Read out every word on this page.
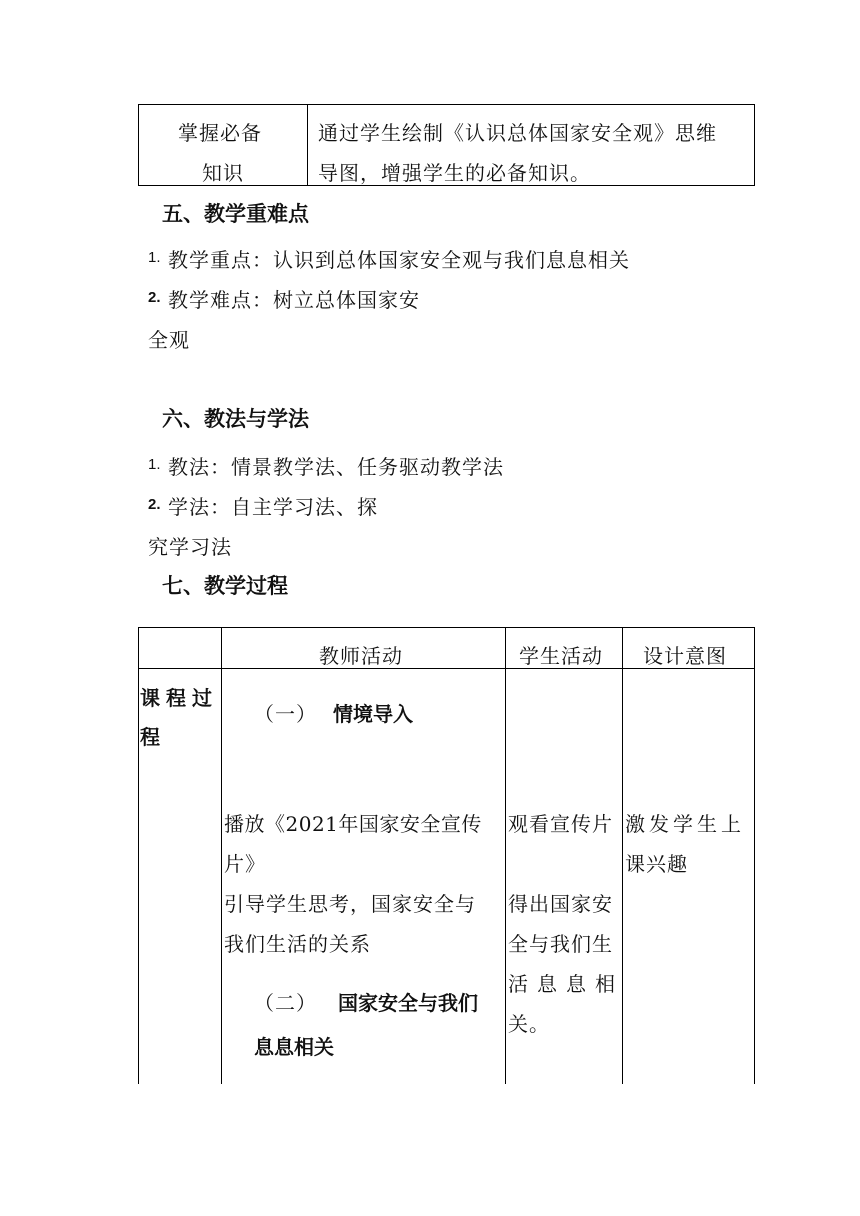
掌握必备
知识
通过学生绘制《认识总体国家安全观》思维
导图，增强学生的必备知识。
五、教学重难点
1. 教学重点：认识到总体国家安全观与我们息息相关
2. 教学难点：树立总体国家安
全观
六、教法与学法
1. 教法：情景教学法、任务驱动教学法
2. 学法：自主学习法、探
究学习法
七、教学过程
教师活动	学生活动 设计意图
课程过
程
（一） 情境导入
播放《2021年国家安全宣传
片》
引导学生思考，国家安全与
我们生活的关系
（二） 国家安全与我们
息息相关
观看宣传片
得出国家安
全与我们生
活息息相
关。
激发学生上
课兴趣
